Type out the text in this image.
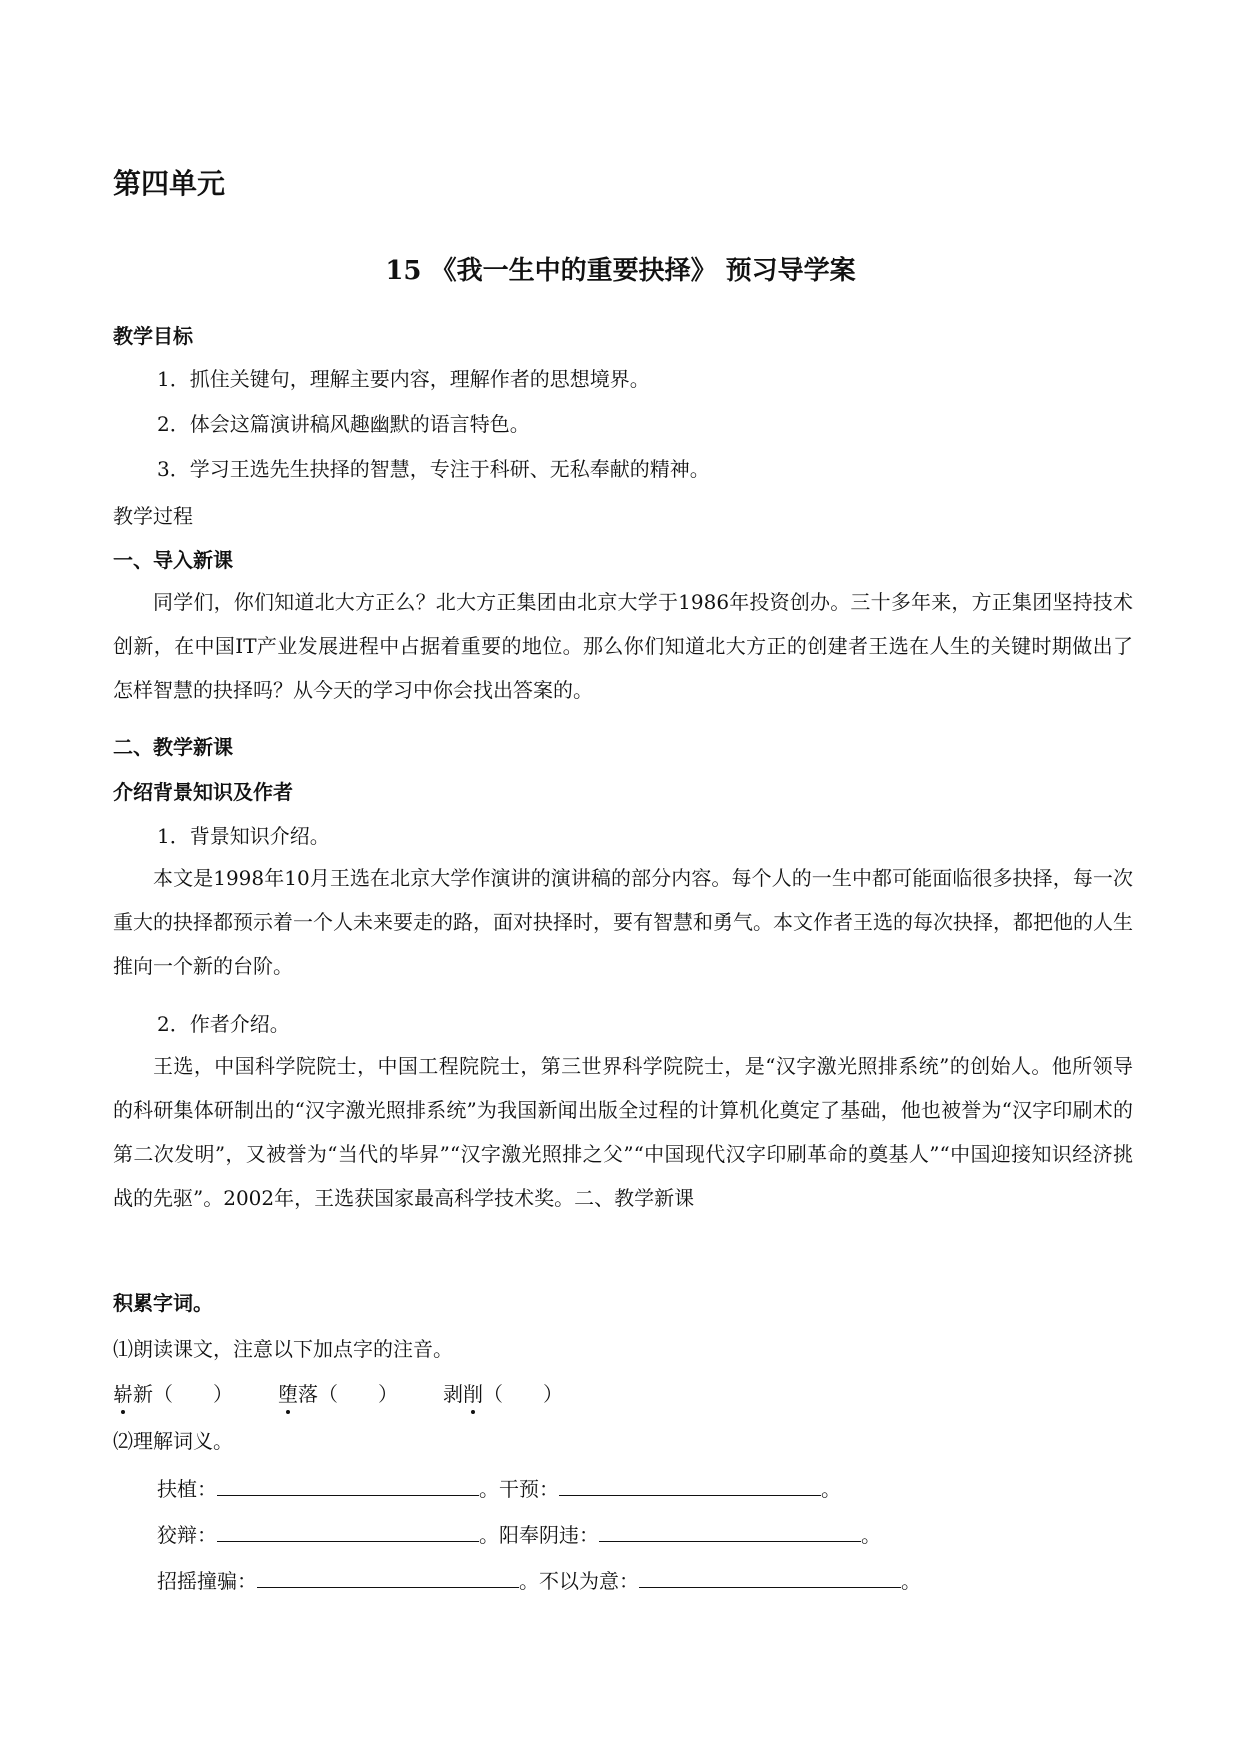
第四单元
15 《我一生中的重要抉择》 预习导学案
教学目标
1．抓住关键句，理解主要内容，理解作者的思想境界。
2．体会这篇演讲稿风趣幽默的语言特色。
3．学习王选先生抉择的智慧，专注于科研、无私奉献的精神。
教学过程
一、导入新课
同学们，你们知道北大方正么？北大方正集团由北京大学于1986年投资创办。三十多年来，方正集团坚持技术创新，在中国IT产业发展进程中占据着重要的地位。那么你们知道北大方正的创建者王选在人生的关键时期做出了怎样智慧的抉择吗？从今天的学习中你会找出答案的。
二、教学新课
介绍背景知识及作者
1．背景知识介绍。
本文是1998年10月王选在北京大学作演讲的演讲稿的部分内容。每个人的一生中都可能面临很多抉择，每一次重大的抉择都预示着一个人未来要走的路，面对抉择时，要有智慧和勇气。本文作者王选的每次抉择，都把他的人生推向一个新的台阶。
2．作者介绍。
王选，中国科学院院士，中国工程院院士，第三世界科学院院士，是“汉字激光照排系统”的创始人。他所领导的科研集体研制出的“汉字激光照排系统”为我国新闻出版全过程的计算机化奠定了基础，他也被誉为“汉字印刷术的第二次发明”，又被誉为“当代的毕昇”“汉字激光照排之父”“中国现代汉字印刷革命的奠基人”“中国迎接知识经济挑战的先驱”。2002年，王选获国家最高科学技术奖。二、教学新课
积累字词。
⑴朗读课文，注意以下加点字的注音。
崭新（　　） 堕落（　　） 剥削（　　）
⑵理解词义。
扶植：	。干预：	。
狡辩：	。阳奉阴违：	。
招摇撞骗：	。不以为意：	。
